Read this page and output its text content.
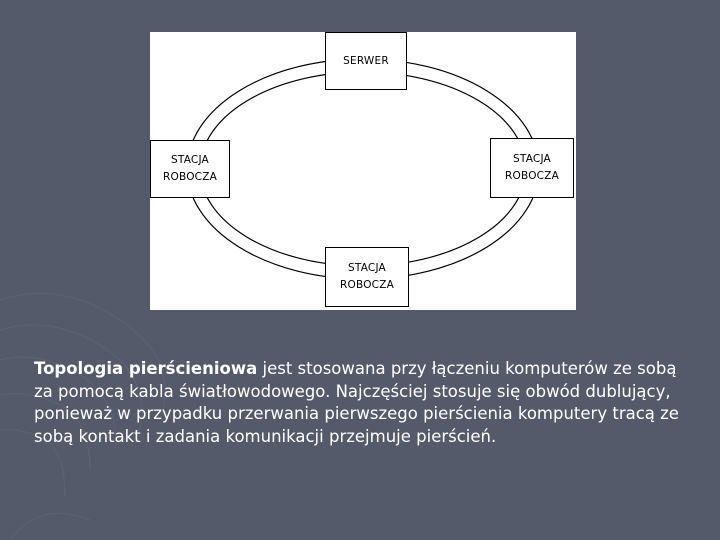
SERWER
STACJA
ROBOCZA
STACJA
ROBOCZA
STACJA
ROBOCZA
Topologia pierścieniowa jest stosowana przy łączeniu komputerów ze sobą za pomocą kabla światłowodowego. Najczęściej stosuje się obwód dublujący, ponieważ w przypadku przerwania pierwszego pierścienia komputery tracą ze sobą kontakt i zadania komunikacji przejmuje pierścień.
